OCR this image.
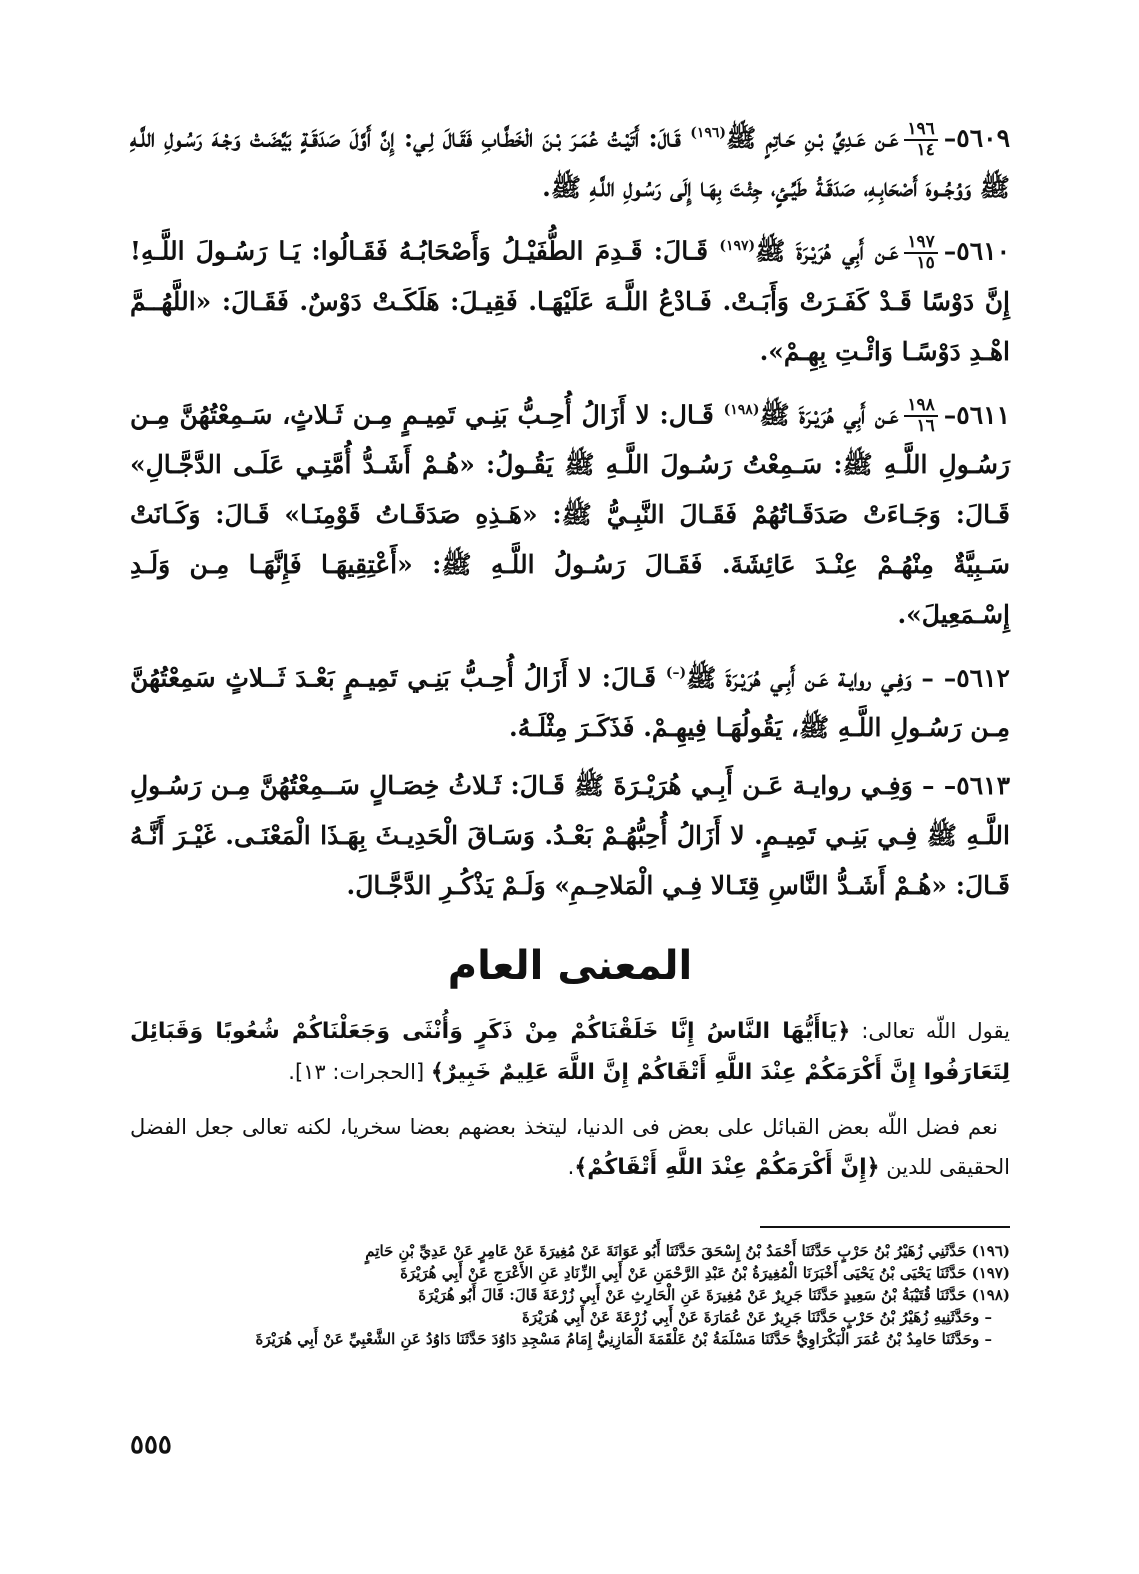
٥٦٠٩–
$\frac{١٩٦}{١٤}$
عَـن عَـدِيِّ بْـنِ حَـاتِمٍ ﷺ$^{(١٩٦)}$ قَـالَ: أَتَيْـتُ عُمَـرَ بْـنَ الْخَطَّـابِ فَقَـالَ لِـي: إِنَّ أَوَّلَ صَدَقَـةٍ بَيَّضَـتْ وَجْـهَ رَسُـولِ اللَّـهِ ﷺ وَوُجُــوهَ أَصْحَابِـهِ، صَدَقَـةُ طَيِّـئٍ، جِئْـتَ بِهَـا إِلَى رَسُـولِ اللَّـهِ ﷺ.

٥٦١٠–
$\frac{١٩٧}{١٥}$
عَـن أَبِي هُرَيْـرَةَ ﷺ$^{(١٩٧)}$ قَـالَ: قَـدِمَ الطُّفَيْـلُ وَأَصْحَابُـهُ فَقَـالُوا: يَـا رَسُـولَ اللَّـهِ! إِنَّ دَوْسًا قَـدْ كَفَـرَتْ وَأَبَـتْ. فَـادْعُ اللَّـهَ عَلَيْهَـا. فَقِيـلَ: هَلَكَـتْ دَوْسٌ. فَقَـالَ: «اللَّهُــمَّ اهْـدِ دَوْسًـا وَائْـتِ بِهِـمْ».

٥٦١١–
$\frac{١٩٨}{١٦}$
عَـن أَبِي هُرَيْـرَةَ ﷺ$^{(١٩٨)}$ قَـال: لا أَزَالُ أُحِـبُّ بَنِـي تَمِيـمٍ مِـن ثَـلاثٍ، سَـمِعْتُهُنَّ مِـن رَسُـولِ اللَّـهِ ﷺ: سَـمِعْتُ رَسُـولَ اللَّـهِ ﷺ يَقُـولُ: «هُـمْ أَشَـدُّ أُمَّتِـي عَلَـى الدَّجَّـالِ» قَـالَ: وَجَـاءَتْ صَدَقَـاتُهُمْ فَقَـالَ النَّبِـيُّ ﷺ: «هَـذِهِ صَدَقَـاتُ قَوْمِنَـا» قَـالَ: وَكَـانَتْ سَـبِيَّةٌ مِنْهُـمْ عِنْـدَ عَائِشَةَ. فَقَـالَ رَسُـولُ اللَّـهِ ﷺ: «أَعْتِقِيهَـا فَإِنَّهَـا مِـن وَلَـدِ إِسْـمَعِيلَ».

٥٦١٢– – وَفِـي روايـة عَـن أَبِـي هُرَيْـرَةَ ﷺ(–) قَـالَ: لا أَزَالُ أُحِـبُّ بَنِـي تَمِيـمٍ بَعْـدَ ثَــلاثٍ سَمِعْتُهُنَّ مِـن رَسُـولِ اللَّـهِ ﷺ، يَقُولُهَـا فِيهِـمْ. فَذَكَـرَ مِثْلَـهُ.

٥٦١٣– – وَفِـي روايـة عَـن أَبِـي هُرَيْـرَةَ ﷺ قَـالَ: ثَـلاثُ خِصَـالٍ سَــمِعْتُهُنَّ مِـن رَسُـولِ اللَّـهِ ﷺ فِـي بَنِـي تَمِيـمٍ. لا أَزَالُ أُحِبُّهُـمْ بَعْـدُ. وَسَـاقَ الْحَدِيـثَ بِهَـذَا الْمَعْنَـى. غَيْـرَ أَنَّـهُ قَـالَ: «هُـمْ أَشَـدُّ النَّاسِ قِتَـالا فِـي الْمَلاحِـمِ» وَلَـمْ يَذْكُـرِ الدَّجَّـالَ.

المعنى العام

يقول اللّه تعالى: ﴿يَاأَيُّهَا النَّاسُ إِنَّا خَلَقْنَاكُمْ مِنْ ذَكَرٍ وَأُنْثَى وَجَعَلْنَاكُمْ شُعُوبًا وَقَبَائِلَ لِتَعَارَفُوا إِنَّ أَكْرَمَكُمْ عِنْدَ اللَّهِ أَتْقَاكُمْ إِنَّ اللَّهَ عَلِيمٌ خَبِيرٌ﴾ [الحجرات: ١٣].

نعم فضل اللّه بعض القبائل على بعض فى الدنيا، ليتخذ بعضهم بعضا سخريا، لكنه تعالى جعل الفضل الحقيقى للدين ﴿إِنَّ أَكْرَمَكُمْ عِنْدَ اللَّهِ أَتْقَاكُمْ﴾.

(١٩٦) حَدَّثَنِي زُهَيْرُ بْنُ حَرْبٍ حَدَّثَنَا أَحْمَدُ بْنُ إِسْحَقَ حَدَّثَنَا أَبُو عَوَانَةَ عَنْ مُغِيرَةَ عَنْ عَامِرٍ عَنْ عَدِيِّ بْنِ حَاتِمٍ

(١٩٧) حَدَّثَنَا يَحْيَى بْنُ يَحْيَى أَخْبَرَنَا الْمُغِيرَةُ بْنُ عَبْدِ الرَّحْمَنِ عَنْ أَبِي الزِّنَادِ عَنِ الأَعْرَجِ عَنْ أَبِي هُرَيْرَةَ

(١٩٨) حَدَّثَنَا قُتَيْبَةُ بْنُ سَعِيدٍ حَدَّثَنَا جَرِيرٌ عَنْ مُغِيرَةَ عَنِ الْحَارِثِ عَنْ أَبِي زُرْعَةَ قَالَ: قَالَ أَبُو هُرَيْرَةَ

– وحَدَّثَنِيهِ زُهَيْرُ بْنُ حَرْبٍ حَدَّثَنَا جَرِيرٌ عَنْ عُمَارَةَ عَنْ أَبِي زُرْعَةَ عَنْ أَبِي هُرَيْرَةَ

– وحَدَّثَنَا حَامِدُ بْنُ عُمَرَ الْبَكْرَاوِيُّ حَدَّثَنَا مَسْلَمَةُ بْنُ عَلْقَمَةَ الْمَازِنِيُّ إِمَامُ مَسْجِدِ دَاوُدَ حَدَّثَنَا دَاوُدُ عَنِ الشَّعْبِيِّ عَنْ أَبِي هُرَيْرَةَ

٥٥٥
